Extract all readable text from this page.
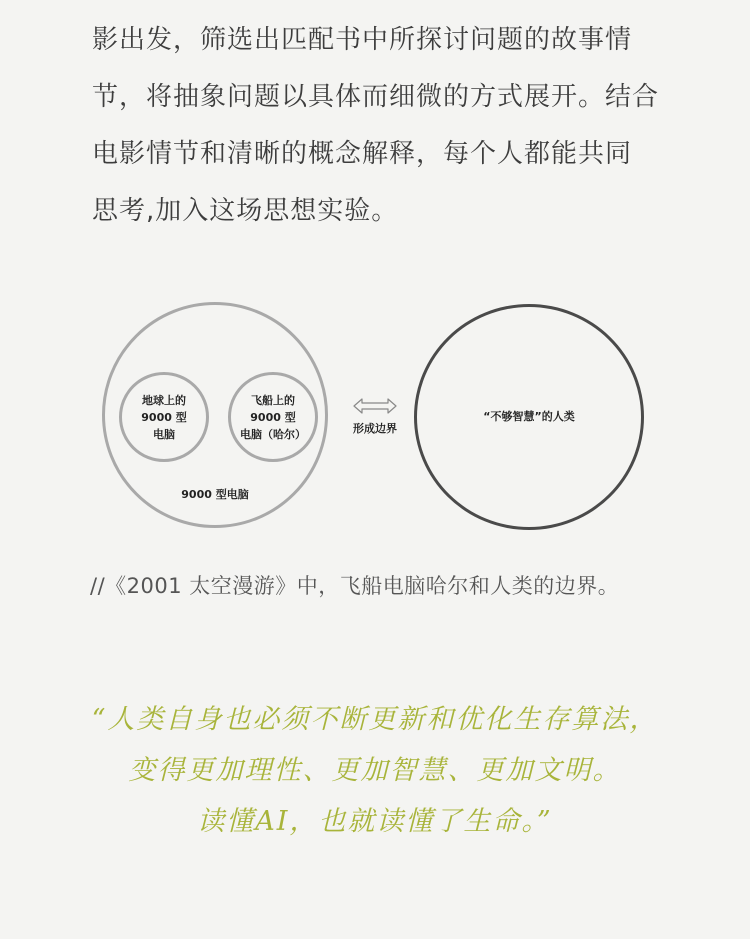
影出发，筛选出匹配书中所探讨问题的故事情
节，将抽象问题以具体而细微的方式展开。结合
电影情节和清晰的概念解释，每个人都能共同
思考,加入这场思想实验。
地球上的
9000 型
电脑
飞船上的
9000 型
电脑（哈尔）
9000 型电脑
形成边界
“不够智慧”的人类
//《2001 太空漫游》中，飞船电脑哈尔和人类的边界。
“人类自身也必须不断更新和优化生存算法，
变得更加理性、更加智慧、更加文明。
读懂AI，也就读懂了生命。”
